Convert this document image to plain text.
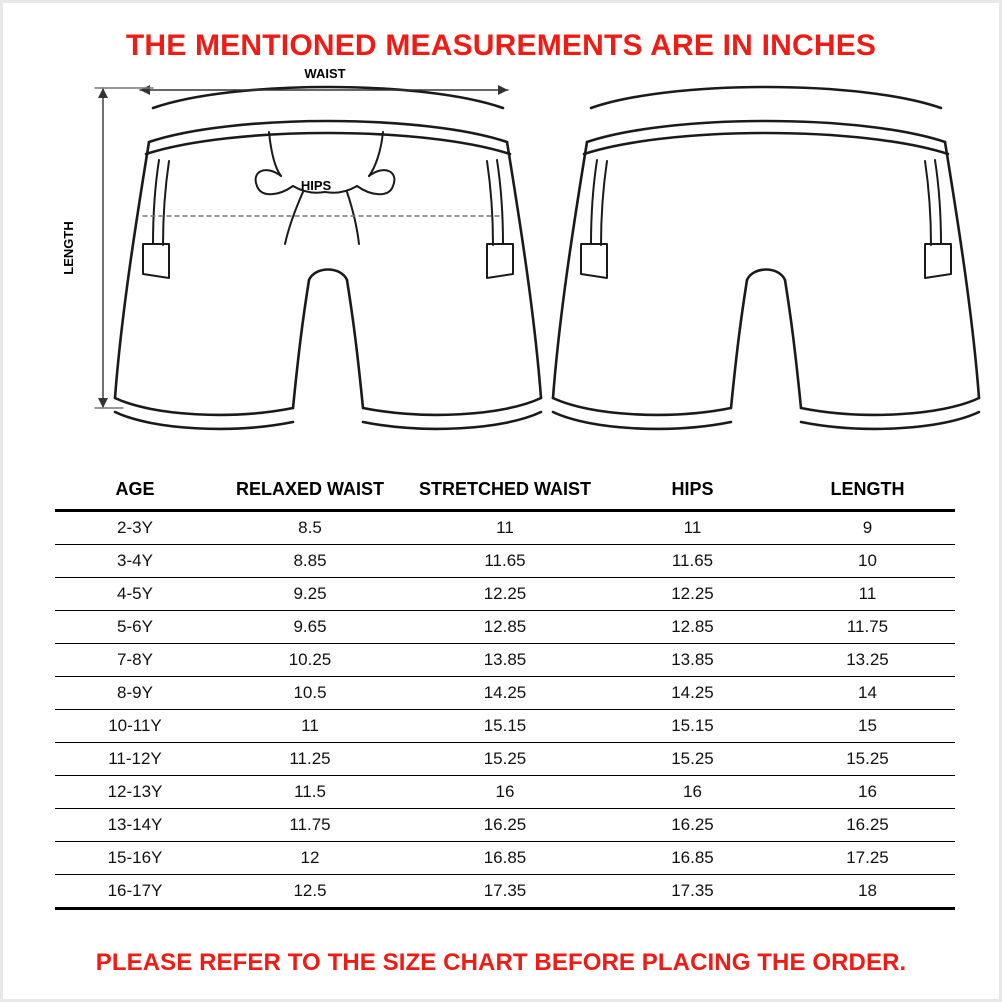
THE MENTIONED MEASUREMENTS ARE IN INCHES
WAIST
HIPS
LENGTH
AGE	RELAXED WAIST	STRETCHED WAIST	HIPS	LENGTH
2-3Y	8.5	11	11	9
3-4Y	8.85	11.65	11.65	10
4-5Y	9.25	12.25	12.25	11
5-6Y	9.65	12.85	12.85	11.75
7-8Y	10.25	13.85	13.85	13.25
8-9Y	10.5	14.25	14.25	14
10-11Y	11	15.15	15.15	15
11-12Y	11.25	15.25	15.25	15.25
12-13Y	11.5	16	16	16
13-14Y	11.75	16.25	16.25	16.25
15-16Y	12	16.85	16.85	17.25
16-17Y	12.5	17.35	17.35	18
PLEASE REFER TO THE SIZE CHART BEFORE PLACING THE ORDER.
